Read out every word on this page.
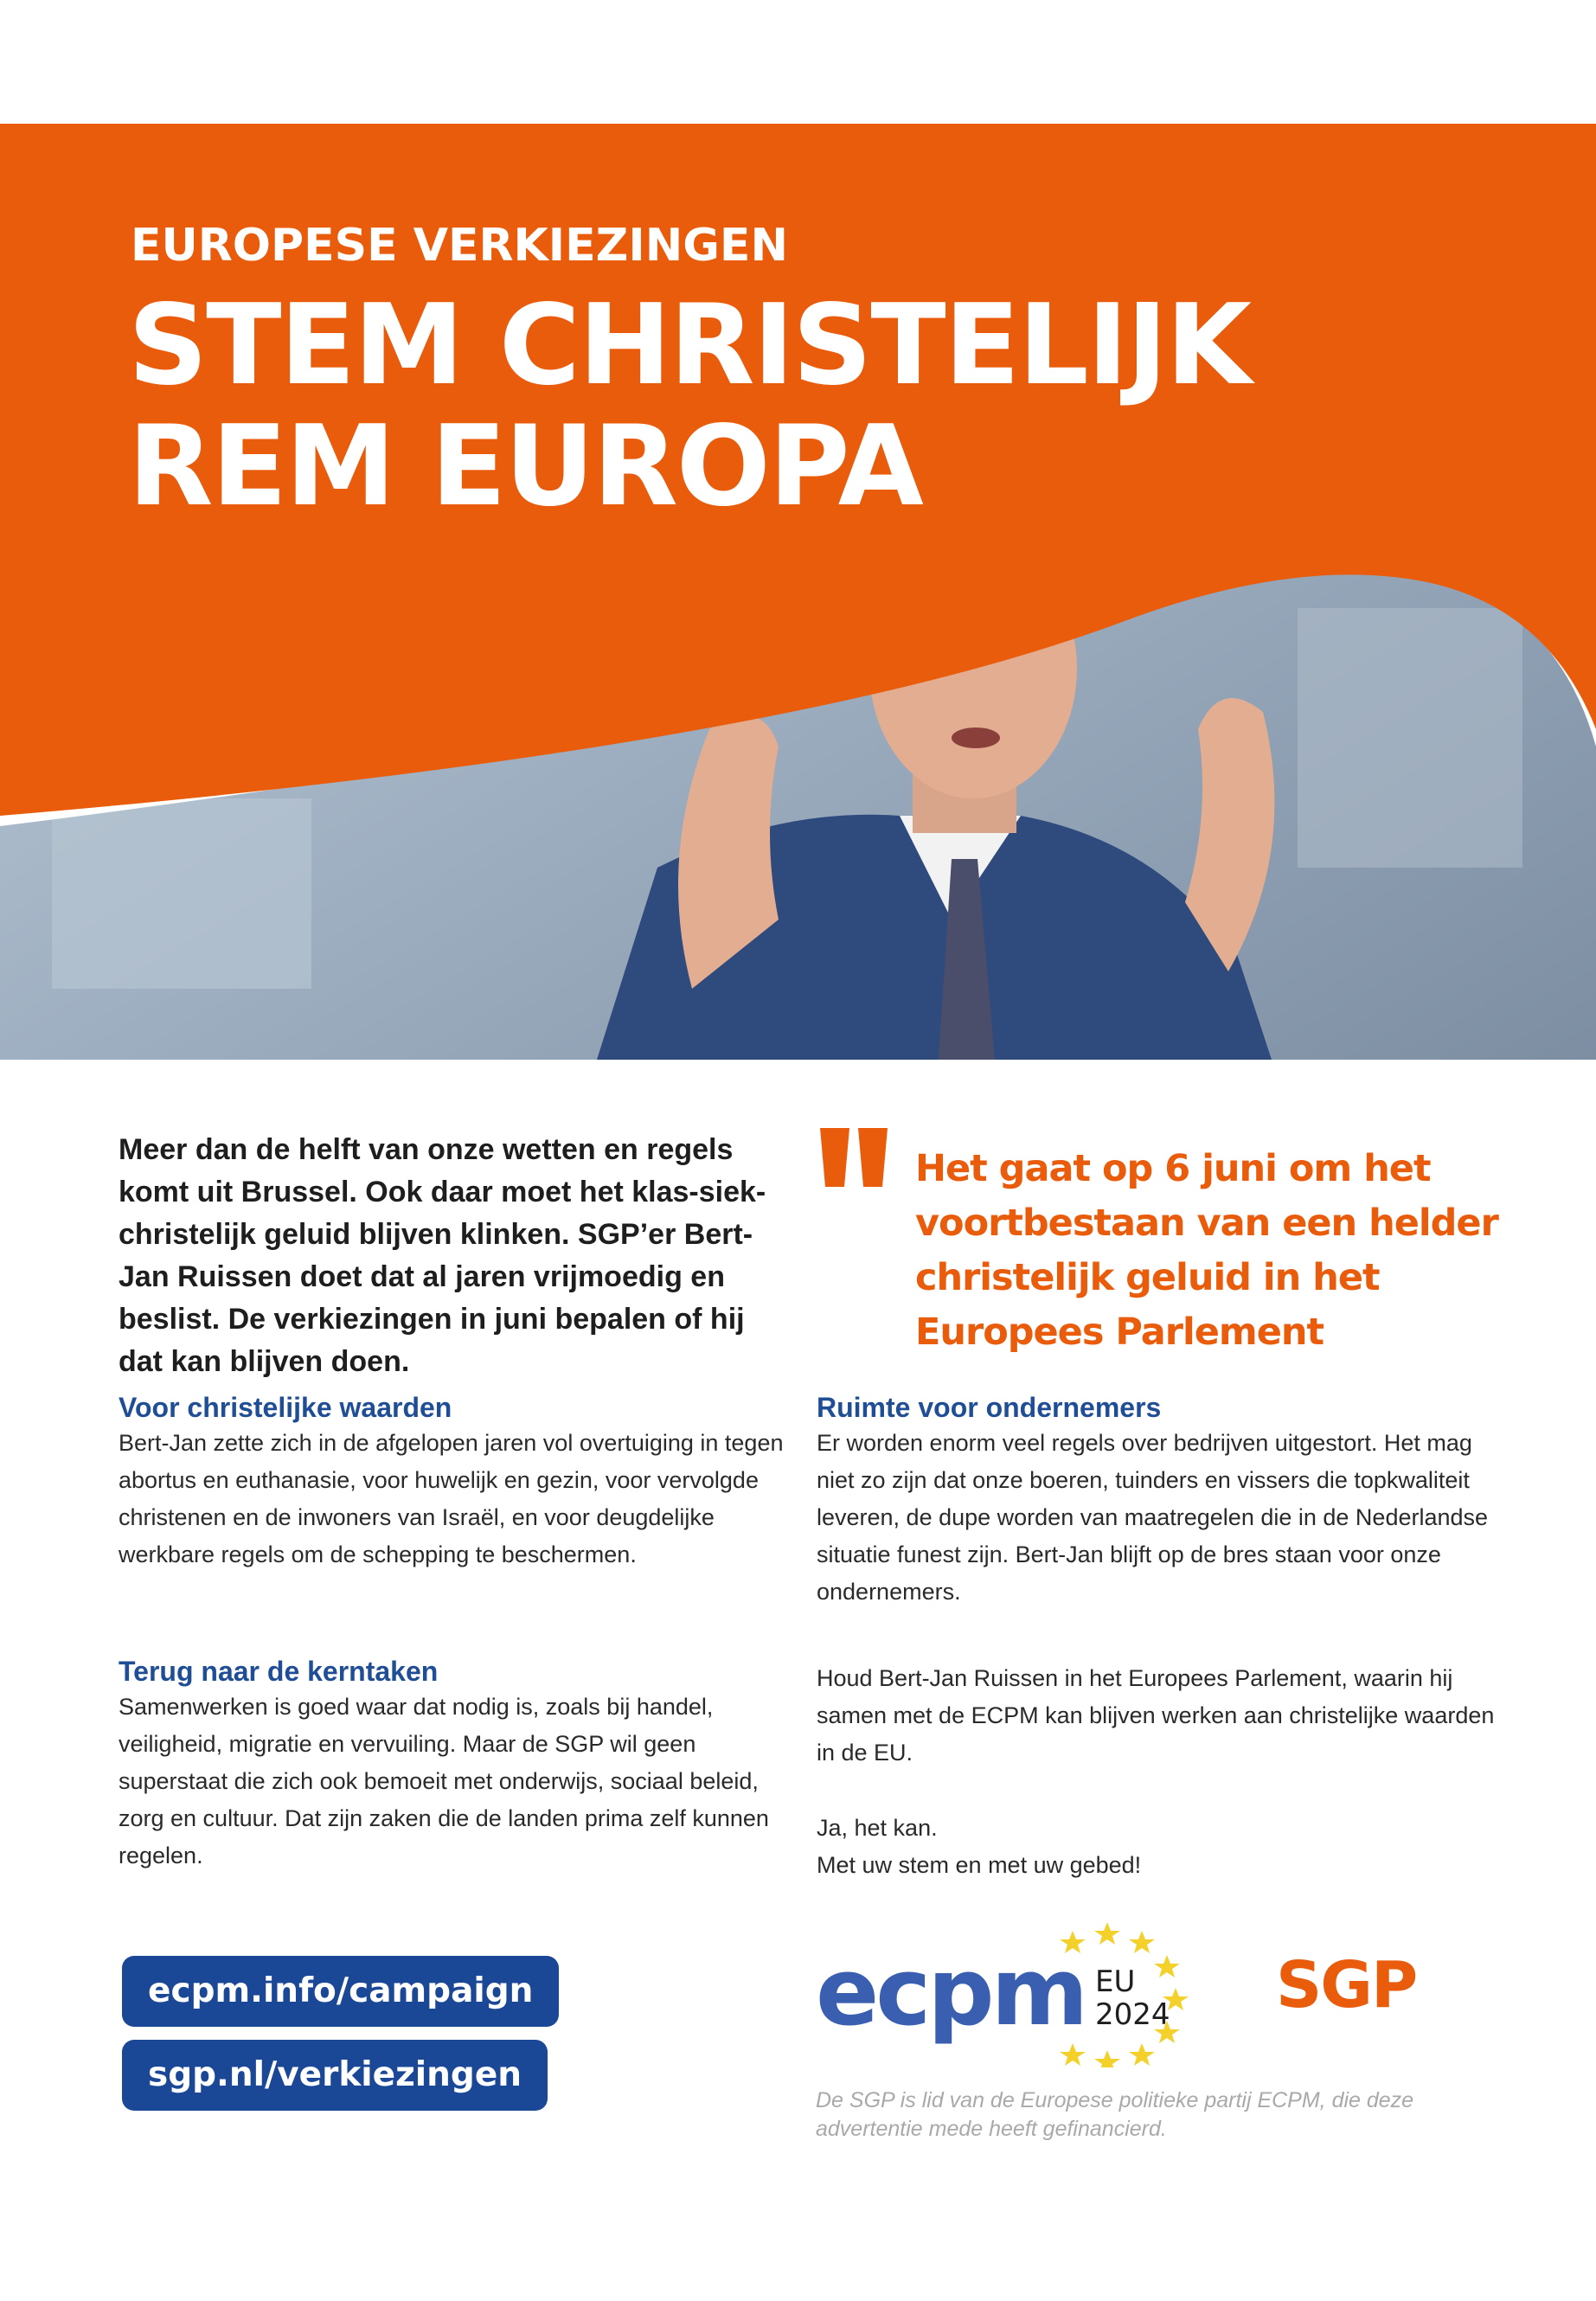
EUROPESE VERKIEZINGEN

STEM CHRISTELIJK
REM EUROPA

Meer dan de helft van onze wetten en regels komt uit Brussel. Ook daar moet het klas-siek-christelijk geluid blijven klinken. SGP’er Bert-Jan Ruissen doet dat al jaren vrijmoedig en beslist. De verkiezingen in juni bepalen of hij dat kan blijven doen.

Voor christelijke waarden

Bert-Jan zette zich in de afgelopen jaren vol overtuiging in tegen abortus en euthanasie, voor huwelijk en gezin, voor vervolgde christenen en de inwoners van Israël, en voor deugdelijke werkbare regels om de schepping te beschermen.

Terug naar de kerntaken

Samenwerken is goed waar dat nodig is, zoals bij handel, veiligheid, migratie en vervuiling. Maar de SGP wil geen superstaat die zich ook bemoeit met onderwijs, sociaal beleid, zorg en cultuur. Dat zijn zaken die de landen prima zelf kunnen regelen.

ecpm.info/campaign
sgp.nl/verkiezingen

Het gaat op 6 juni om het voortbestaan van een helder christelijk geluid in het Europees Parlement

Ruimte voor ondernemers

Er worden enorm veel regels over bedrijven uitgestort. Het mag niet zo zijn dat onze boeren, tuinders en vissers die topkwaliteit leveren, de dupe worden van maatregelen die in de Nederlandse situatie funest zijn. Bert-Jan blijft op de bres staan voor onze ondernemers.

Houd Bert-Jan Ruissen in het Europees Parlement, waarin hij samen met de ECPM kan blijven werken aan christelijke waarden in de EU.

Ja, het kan.

Met uw stem en met uw gebed!

ecpm EU
2024 SGP

De SGP is lid van de Europese politieke partij ECPM, die deze advertentie mede heeft gefinancierd.
